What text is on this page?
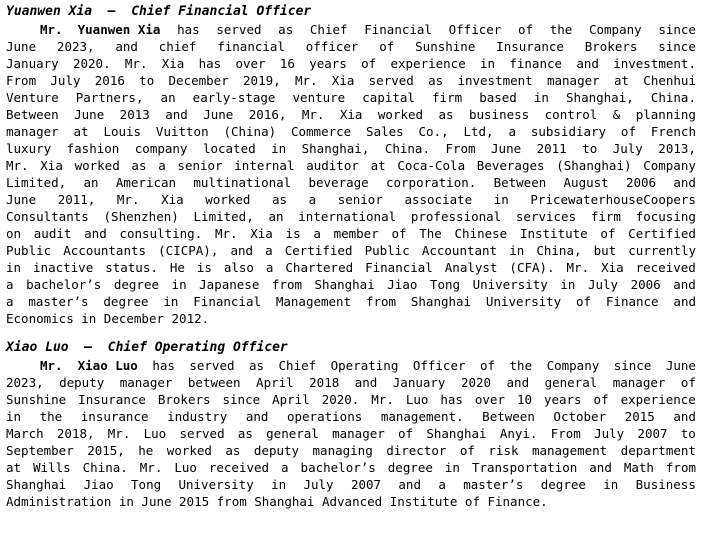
Yuanwen Xia  —  Chief Financial Officer

Mr.  Yuanwen Xia has served as Chief Financial Officer of the Company since
June 2023, and chief financial officer of Sunshine Insurance Brokers since
January 2020. Mr. Xia has over 16 years of experience in finance and investment.
From July 2016 to December 2019, Mr. Xia served as investment manager at Chenhui
Venture Partners, an early-stage venture capital firm based in Shanghai, China.
Between June 2013 and June 2016, Mr. Xia worked as business control & planning
manager at Louis Vuitton (China) Commerce Sales Co., Ltd, a subsidiary of French
luxury fashion company located in Shanghai, China. From June 2011 to July 2013,
Mr. Xia worked as a senior internal auditor at Coca-Cola Beverages (Shanghai) Company
Limited, an American multinational beverage corporation. Between August 2006 and
June 2011, Mr. Xia worked as a senior associate in PricewaterhouseCoopers
Consultants (Shenzhen) Limited, an international professional services firm focusing
on audit and consulting. Mr. Xia is a member of The Chinese Institute of Certified
Public Accountants (CICPA), and a Certified Public Accountant in China, but currently
in inactive status. He is also a Chartered Financial Analyst (CFA). Mr. Xia received
a bachelor’s degree in Japanese from Shanghai Jiao Tong University in July 2006 and
a master’s degree in Financial Management from Shanghai University of Finance and
Economics in December 2012.

Xiao Luo  —  Chief Operating Officer

Mr.  Xiao Luo has served as Chief Operating Officer of the Company since June
2023, deputy manager between April 2018 and January 2020 and general manager of
Sunshine Insurance Brokers since April 2020. Mr. Luo has over 10 years of experience
in the insurance industry and operations management. Between October 2015 and
March 2018, Mr. Luo served as general manager of Shanghai Anyi. From July 2007 to
September 2015, he worked as deputy managing director of risk management department
at Wills China. Mr. Luo received a bachelor’s degree in Transportation and Math from
Shanghai Jiao Tong University in July 2007 and a master’s degree in Business
Administration in June 2015 from Shanghai Advanced Institute of Finance.
